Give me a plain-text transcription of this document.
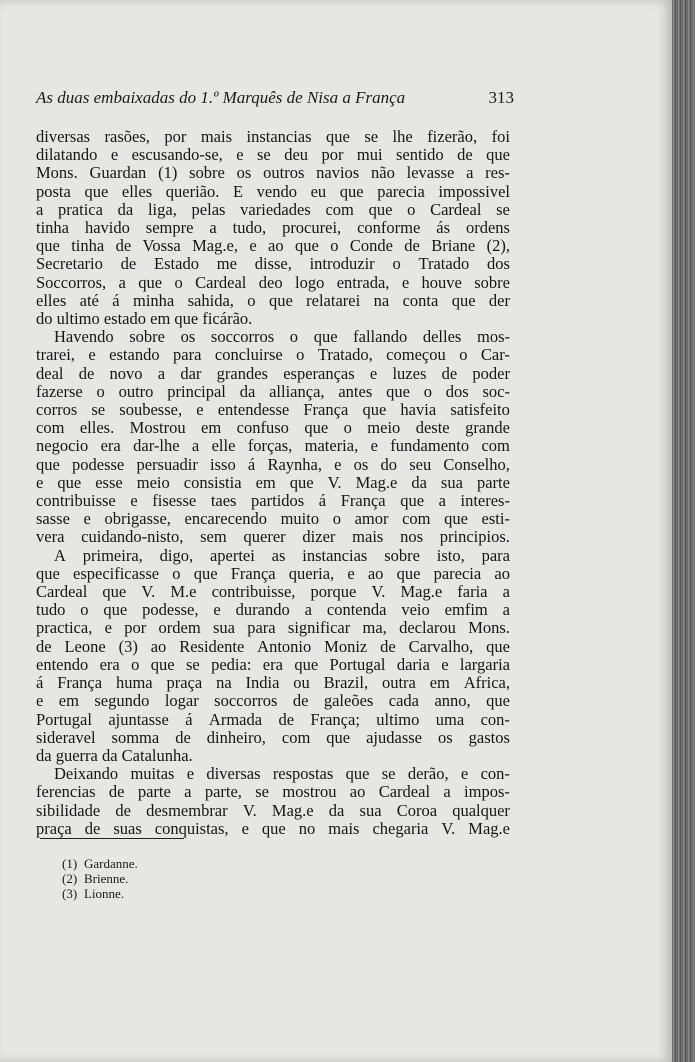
As duas embaixadas do 1.º Marquês de Nisa a França	313
diversas rasões, por mais instancias que se lhe fizerão, foi
dilatando e escusando-se, e se deu por mui sentido de que
Mons. Guardan (1) sobre os outros navios não levasse a res-
posta que elles querião. E vendo eu que parecia impossivel
a pratica da liga, pelas variedades com que o Cardeal se
tinha havido sempre a tudo, procurei, conforme ás ordens
que tinha de Vossa Mag.e, e ao que o Conde de Briane (2),
Secretario de Estado me disse, introduzir o Tratado dos
Soccorros, a que o Cardeal deo logo entrada, e houve sobre
elles até á minha sahida, o que relatarei na conta que der
do ultimo estado em que ficárão.
Havendo sobre os soccorros o que fallando delles mos-
trarei, e estando para concluirse o Tratado, começou o Car-
deal de novo a dar grandes esperanças e luzes de poder
fazerse o outro principal da alliança, antes que o dos soc-
corros se soubesse, e entendesse França que havia satisfeito
com elles. Mostrou em confuso que o meio deste grande
negocio era dar-lhe a elle forças, materia, e fundamento com
que podesse persuadir isso á Raynha, e os do seu Conselho,
e que esse meio consistia em que V. Mag.e da sua parte
contribuisse e fisesse taes partidos á França que a interes-
sasse e obrigasse, encarecendo muito o amor com que esti-
vera cuidando-nisto, sem querer dizer mais nos principios.
A primeira, digo, apertei as instancias sobre isto, para
que especificasse o que França queria, e ao que parecia ao
Cardeal que V. M.e contribuisse, porque V. Mag.e faria a
tudo o que podesse, e durando a contenda veio emfim a
practica, e por ordem sua para significar ma, declarou Mons.
de Leone (3) ao Residente Antonio Moniz de Carvalho, que
entendo era o que se pedia: era que Portugal daria e largaria
á França huma praça na India ou Brazil, outra em Africa,
e em segundo logar soccorros de galeões cada anno, que
Portugal ajuntasse á Armada de França; ultimo uma con-
sideravel somma de dinheiro, com que ajudasse os gastos
da guerra da Catalunha.
Deixando muitas e diversas respostas que se derão, e con-
ferencias de parte a parte, se mostrou ao Cardeal a impos-
sibilidade de desmembrar V. Mag.e da sua Coroa qualquer
praça de suas conquistas, e que no mais chegaria V. Mag.e
(1) Gardanne.
(2) Brienne.
(3) Lionne.
